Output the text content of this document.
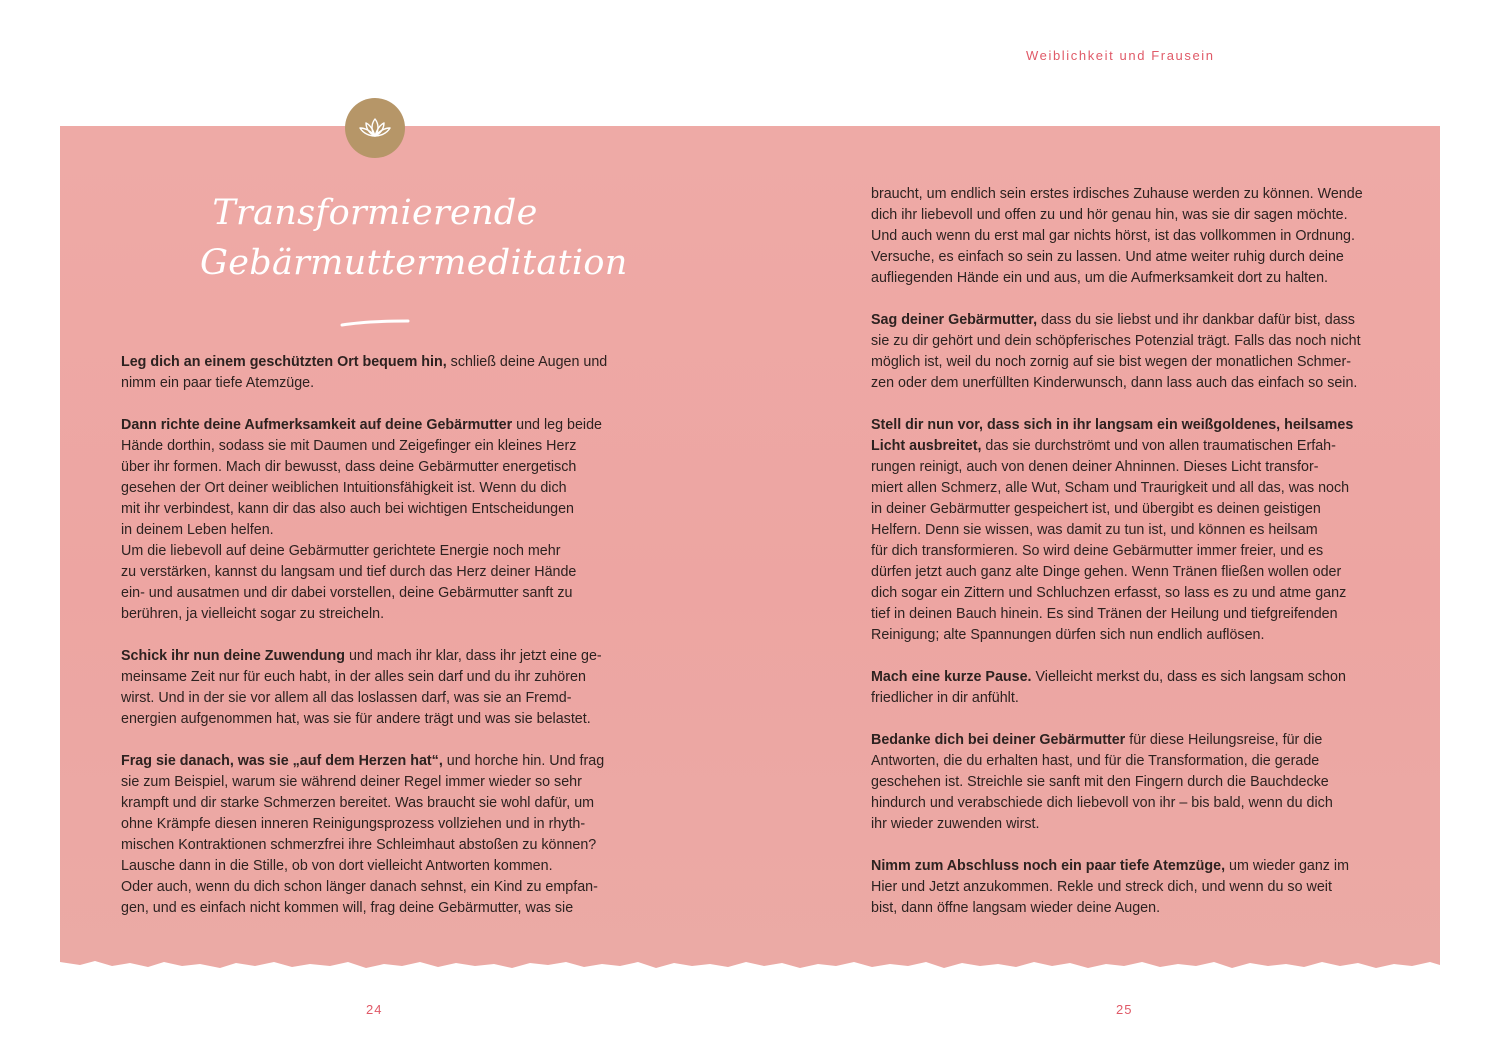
Weiblichkeit und Frausein
Transformierende
Gebärmuttermeditation

Leg dich an einem geschützten Ort bequem hin, schließ deine Augen und
nimm ein paar tiefe Atemzüge.

Dann richte deine Aufmerksamkeit auf deine Gebärmutter und leg beide
Hände dorthin, sodass sie mit Daumen und Zeigefinger ein kleines Herz
über ihr formen. Mach dir bewusst, dass deine Gebärmutter energetisch
gesehen der Ort deiner weiblichen Intuitionsfähigkeit ist. Wenn du dich
mit ihr verbindest, kann dir das also auch bei wichtigen Entscheidungen
in deinem Leben helfen.
Um die liebevoll auf deine Gebärmutter gerichtete Energie noch mehr
zu verstärken, kannst du langsam und tief durch das Herz deiner Hände
ein- und ausatmen und dir dabei vorstellen, deine Gebärmutter sanft zu
berühren, ja vielleicht sogar zu streicheln.

Schick ihr nun deine Zuwendung und mach ihr klar, dass ihr jetzt eine ge-
meinsame Zeit nur für euch habt, in der alles sein darf und du ihr zuhören
wirst. Und in der sie vor allem all das loslassen darf, was sie an Fremd-
energien aufgenommen hat, was sie für andere trägt und was sie belastet.

Frag sie danach, was sie „auf dem Herzen hat“, und horche hin. Und frag
sie zum Beispiel, warum sie während deiner Regel immer wieder so sehr
krampft und dir starke Schmerzen bereitet. Was braucht sie wohl dafür, um
ohne Krämpfe diesen inneren Reinigungsprozess vollziehen und in rhyth-
mischen Kontraktionen schmerzfrei ihre Schleimhaut abstoßen zu können?
Lausche dann in die Stille, ob von dort vielleicht Antworten kommen.
Oder auch, wenn du dich schon länger danach sehnst, ein Kind zu empfan-
gen, und es einfach nicht kommen will, frag deine Gebärmutter, was sie

braucht, um endlich sein erstes irdisches Zuhause werden zu können. Wende
dich ihr liebevoll und offen zu und hör genau hin, was sie dir sagen möchte.
Und auch wenn du erst mal gar nichts hörst, ist das vollkommen in Ordnung.
Versuche, es einfach so sein zu lassen. Und atme weiter ruhig durch deine
aufliegenden Hände ein und aus, um die Aufmerksamkeit dort zu halten.

Sag deiner Gebärmutter, dass du sie liebst und ihr dankbar dafür bist, dass
sie zu dir gehört und dein schöpferisches Potenzial trägt. Falls das noch nicht
möglich ist, weil du noch zornig auf sie bist wegen der monatlichen Schmer-
zen oder dem unerfüllten Kinderwunsch, dann lass auch das einfach so sein.

Stell dir nun vor, dass sich in ihr langsam ein weißgoldenes, heilsames
Licht ausbreitet, das sie durchströmt und von allen traumatischen Erfah-
rungen reinigt, auch von denen deiner Ahninnen. Dieses Licht transfor-
miert allen Schmerz, alle Wut, Scham und Traurigkeit und all das, was noch
in deiner Gebärmutter gespeichert ist, und übergibt es deinen geistigen
Helfern. Denn sie wissen, was damit zu tun ist, und können es heilsam
für dich transformieren. So wird deine Gebärmutter immer freier, und es
dürfen jetzt auch ganz alte Dinge gehen. Wenn Tränen fließen wollen oder
dich sogar ein Zittern und Schluchzen erfasst, so lass es zu und atme ganz
tief in deinen Bauch hinein. Es sind Tränen der Heilung und tiefgreifenden
Reinigung; alte Spannungen dürfen sich nun endlich auflösen.

Mach eine kurze Pause. Vielleicht merkst du, dass es sich langsam schon
friedlicher in dir anfühlt.

Bedanke dich bei deiner Gebärmutter für diese Heilungsreise, für die
Antworten, die du erhalten hast, und für die Transformation, die gerade
geschehen ist. Streichle sie sanft mit den Fingern durch die Bauchdecke
hindurch und verabschiede dich liebevoll von ihr – bis bald, wenn du dich
ihr wieder zuwenden wirst.

Nimm zum Abschluss noch ein paar tiefe Atemzüge, um wieder ganz im
Hier und Jetzt anzukommen. Rekle und streck dich, und wenn du so weit
bist, dann öffne langsam wieder deine Augen.

24	25
